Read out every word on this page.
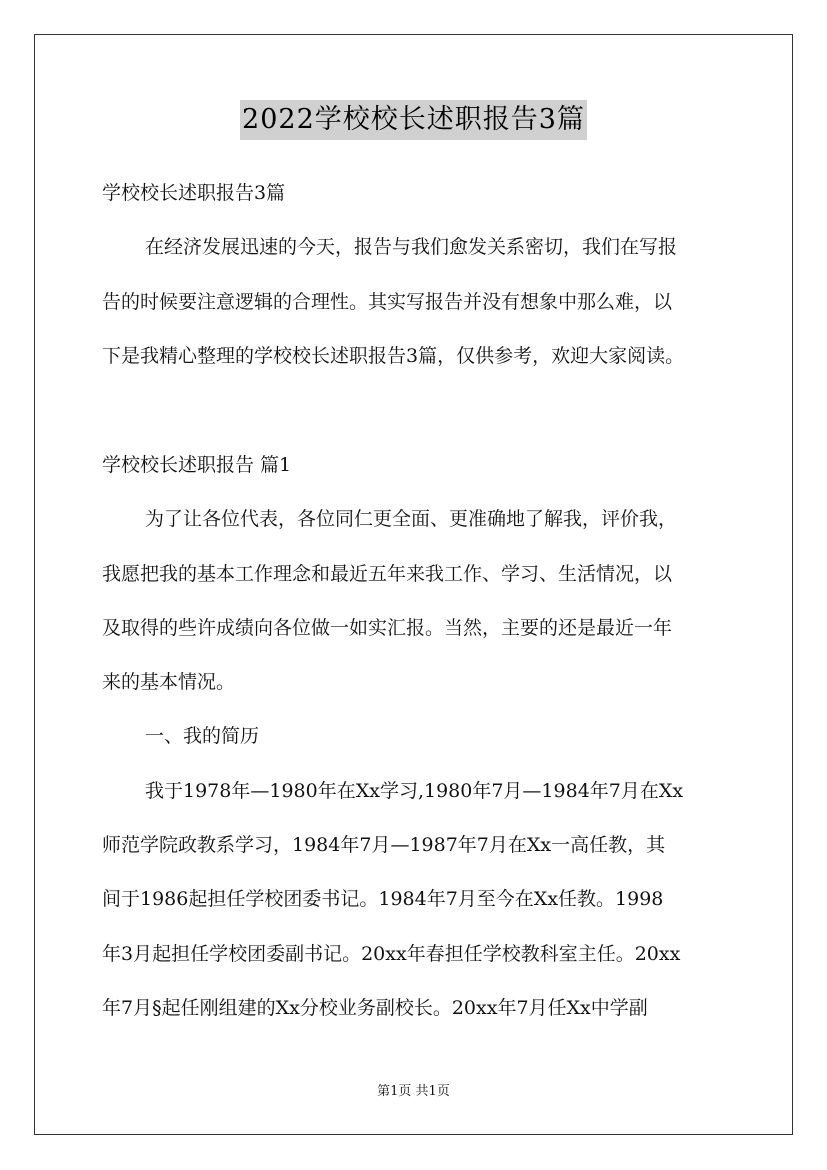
2022学校校长述职报告3篇
学校校长述职报告3篇
在经济发展迅速的今天，报告与我们愈发关系密切，我们在写报
告的时候要注意逻辑的合理性。其实写报告并没有想象中那么难，以
下是我精心整理的学校校长述职报告3篇，仅供参考，欢迎大家阅读。
学校校长述职报告 篇1
为了让各位代表，各位同仁更全面、更准确地了解我，评价我，
我愿把我的基本工作理念和最近五年来我工作、学习、生活情况，以
及取得的些许成绩向各位做一如实汇报。当然，主要的还是最近一年
来的基本情况。
一、我的简历
我于1978年—1980年在Xx学习,1980年7月—1984年7月在Xx
师范学院政教系学习，1984年7月—1987年7月在Xx一高任教，其
间于1986起担任学校团委书记。1984年7月至今在Xx任教。1998
年3月起担任学校团委副书记。20xx年春担任学校教科室主任。20xx
年7月§起任刚组建的Xx分校业务副校长。20xx年7月任Xx中学副
第1页 共1页
